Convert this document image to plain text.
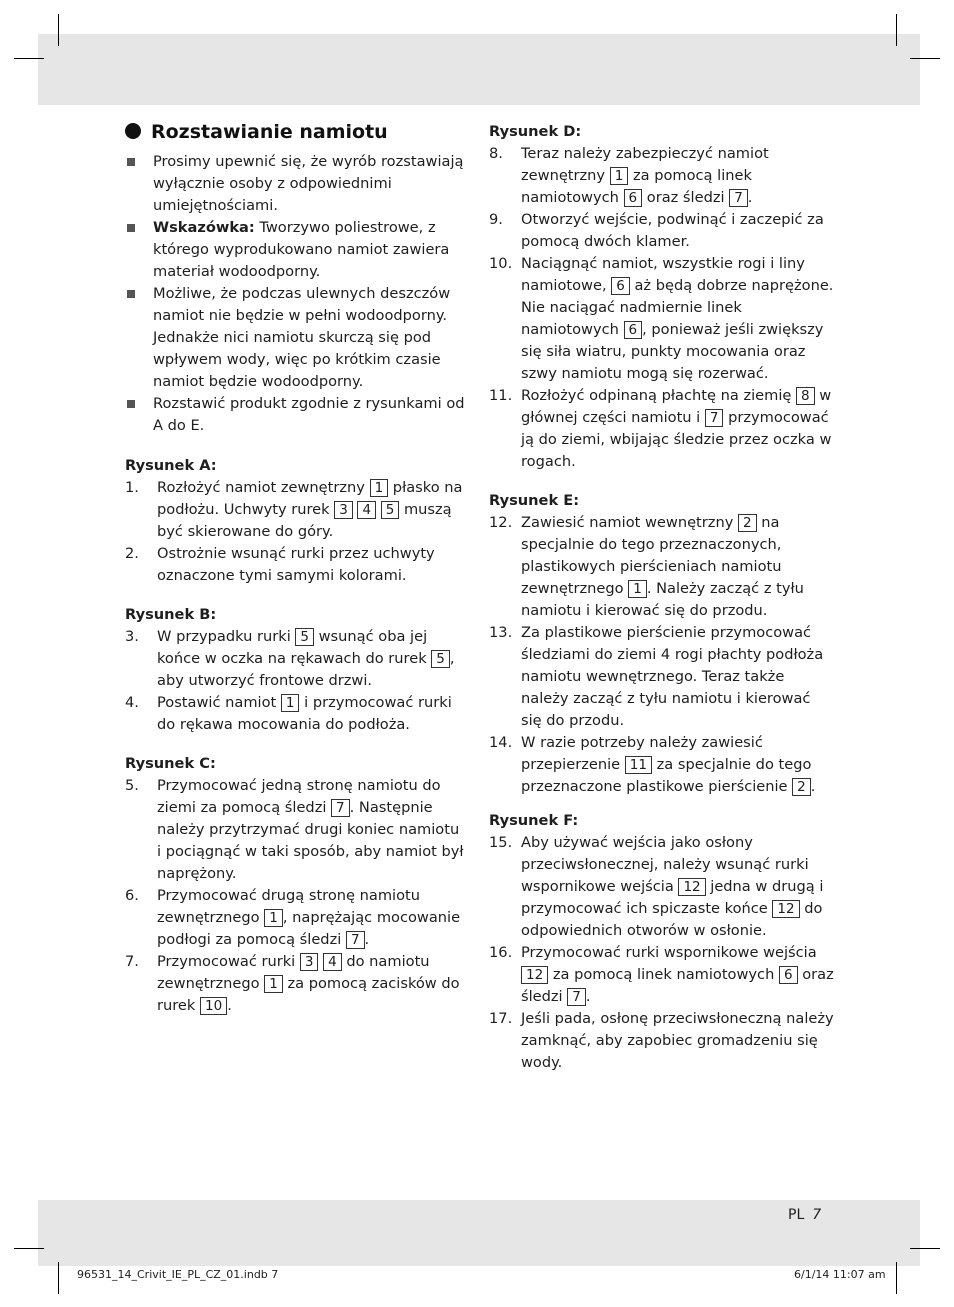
Rozstawianie namiotu
Prosimy upewnić się, że wyrób rozstawiają wyłącznie osoby z odpowiednimi umiejętnościami.
Wskazówka: Tworzywo poliestrowe, z którego wyprodukowano namiot zawiera materiał wodoodporny.
Możliwe, że podczas ulewnych deszczów namiot nie będzie w pełni wodoodporny. Jednakże nici namiotu skurczą się pod wpływem wody, więc po krótkim czasie namiot będzie wodoodporny.
Rozstawić produkt zgodnie z rysunkami od A do E.
Rysunek A:
1. Rozłożyć namiot zewnętrzny 1 płasko na podłożu. Uchwyty rurek 3 4 5 muszą być skierowane do góry.
2. Ostrożnie wsunąć rurki przez uchwyty oznaczone tymi samymi kolorami.
Rysunek B:
3. W przypadku rurki 5 wsunąć oba jej końce w oczka na rękawach do rurek 5 , aby utworzyć frontowe drzwi.
4. Postawić namiot 1 i przymocować rurki do rękawa mocowania do podłoża.
Rysunek C:
5. Przymocować jedną stronę namiotu do ziemi za pomocą śledzi 7 . Następnie należy przytrzymać drugi koniec namiotu i pociągnąć w taki sposób, aby namiot był naprężony.
6. Przymocować drugą stronę namiotu zewnętrznego 1 , naprężając mocowanie podłogi za pomocą śledzi 7 .
7. Przymocować rurki 3 4 do namiotu zewnętrznego 1 za pomocą zacisków do rurek 10 .
Rysunek D:
8. Teraz należy zabezpieczyć namiot zewnętrzny 1 za pomocą linek namiotowych 6 oraz śledzi 7 .
9. Otworzyć wejście, podwinąć i zaczepić za pomocą dwóch klamer.
10. Naciągnąć namiot, wszystkie rogi i liny namiotowe, 6 aż będą dobrze naprężone. Nie naciągać nadmiernie linek namiotowych 6 , ponieważ jeśli zwiększy się siła wiatru, punkty mocowania oraz szwy namiotu mogą się rozerwać.
11. Rozłożyć odpinaną płachtę na ziemię 8 w głównej części namiotu i 7 przymocować ją do ziemi, wbijając śledzie przez oczka w rogach.
Rysunek E:
12. Zawiesić namiot wewnętrzny 2 na specjalnie do tego przeznaczonych, plastikowych pierścieniach namiotu zewnętrznego 1 . Należy zacząć z tyłu namiotu i kierować się do przodu.
13. Za plastikowe pierścienie przymocować śledziami do ziemi 4 rogi płachty podłoża namiotu wewnętrznego. Teraz także należy zacząć z tyłu namiotu i kierować się do przodu.
14. W razie potrzeby należy zawiesić przepierzenie 11 za specjalnie do tego przeznaczone plastikowe pierścienie 2 .
Rysunek F:
15. Aby używać wejścia jako osłony przeciwsłonecznej, należy wsunąć rurki wspornikowe wejścia 12 jedna w drugą i przymocować ich spiczaste końce 12 do odpowiednich otworów w osłonie.
16. Przymocować rurki wspornikowe wejścia 12 za pomocą linek namiotowych 6 oraz śledzi 7 .
17. Jeśli pada, osłonę przeciwsłoneczną należy zamknąć, aby zapobiec gromadzeniu się wody.
PL 7
96531_14_Crivit_IE_PL_CZ_01.indb 7	6/1/14 11:07 am
